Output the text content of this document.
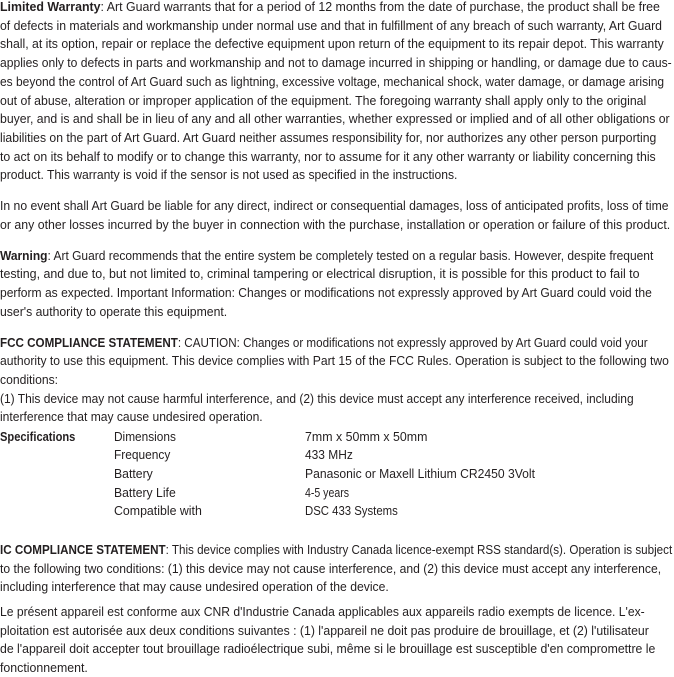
Limited Warranty: Art Guard warrants that for a period of 12 months from the date of purchase, the product shall be free
of defects in materials and workmanship under normal use and that in fulfillment of any breach of such warranty, Art Guard
shall, at its option, repair or replace the defective equipment upon return of the equipment to its repair depot. This warranty
applies only to defects in parts and workmanship and not to damage incurred in shipping or handling, or damage due to caus-
es beyond the control of Art Guard such as lightning, excessive voltage, mechanical shock, water damage, or damage arising
out of abuse, alteration or improper application of the equipment. The foregoing warranty shall apply only to the original
buyer, and is and shall be in lieu of any and all other warranties, whether expressed or implied and of all other obligations or
liabilities on the part of Art Guard. Art Guard neither assumes responsibility for, nor authorizes any other person purporting
to act on its behalf to modify or to change this warranty, nor to assume for it any other warranty or liability concerning this
product. This warranty is void if the sensor is not used as specified in the instructions.
In no event shall Art Guard be liable for any direct, indirect or consequential damages, loss of anticipated profits, loss of time
or any other losses incurred by the buyer in connection with the purchase, installation or operation or failure of this product.
Warning: Art Guard recommends that the entire system be completely tested on a regular basis. However, despite frequent
testing, and due to, but not limited to, criminal tampering or electrical disruption, it is possible for this product to fail to
perform as expected. Important Information: Changes or modifications not expressly approved by Art Guard could void the
user's authority to operate this equipment.
FCC COMPLIANCE STATEMENT: CAUTION: Changes or modifications not expressly approved by Art Guard could void your
authority to use this equipment. This device complies with Part 15 of the FCC Rules. Operation is subject to the following two
conditions:
(1) This device may not cause harmful interference, and (2) this device must accept any interference received, including
interference that may cause undesired operation.
Specifications	Dimensions	7mm x 50mm x 50mm
Frequency	433 MHz
Battery	Panasonic or Maxell Lithium CR2450 3Volt
Battery Life	4-5 years
Compatible with	DSC 433 Systems
IC COMPLIANCE STATEMENT: This device complies with Industry Canada licence-exempt RSS standard(s). Operation is subject
to the following two conditions: (1) this device may not cause interference, and (2) this device must accept any interference,
including interference that may cause undesired operation of the device.
Le présent appareil est conforme aux CNR d'Industrie Canada applicables aux appareils radio exempts de licence. L'ex-
ploitation est autorisée aux deux conditions suivantes : (1) l'appareil ne doit pas produire de brouillage, et (2) l'utilisateur
de l'appareil doit accepter tout brouillage radioélectrique subi, même si le brouillage est susceptible d'en compromettre le
fonctionnement.
